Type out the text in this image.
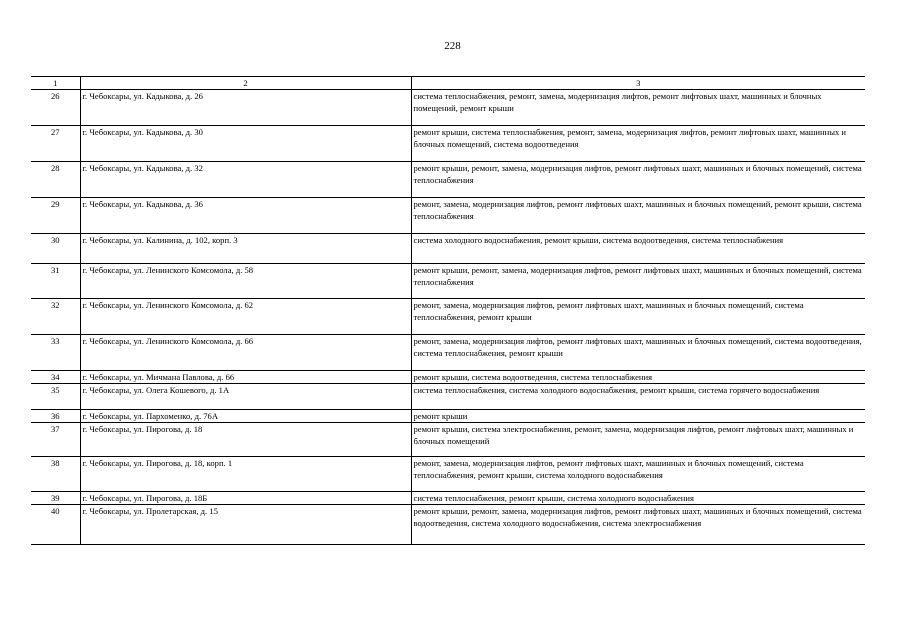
228
1	2	3
26	г. Чебоксары, ул. Кадыкова, д. 26	система теплоснабжения, ремонт, замена, модернизация лифтов, ремонт лифтовых шахт, машинных и блочных помещений, ремонт крыши
27	г. Чебоксары, ул. Кадыкова, д. 30	ремонт крыши, система теплоснабжения, ремонт, замена, модернизация лифтов, ремонт лифтовых шахт, машинных и блочных помещений, система водоотведения
28	г. Чебоксары, ул. Кадыкова, д. 32	ремонт крыши, ремонт, замена, модернизация лифтов, ремонт лифтовых шахт, машинных и блочных помещений, система теплоснабжения
29	г. Чебоксары, ул. Кадыкова, д. 36	ремонт, замена, модернизация лифтов, ремонт лифтовых шахт, машинных и блочных помещений, ремонт крыши, система теплоснабжения
30	г. Чебоксары, ул. Калинина, д. 102, корп. 3	система холодного водоснабжения, ремонт крыши, система водоотведения, система теплоснабжения
31	г. Чебоксары, ул. Ленинского Комсомола, д. 58	ремонт крыши, ремонт, замена, модернизация лифтов, ремонт лифтовых шахт, машинных и блочных помещений, система теплоснабжения
32	г. Чебоксары, ул. Ленинского Комсомола, д. 62	ремонт, замена, модернизация лифтов, ремонт лифтовых шахт, машинных и блочных помещений, система теплоснабжения, ремонт крыши
33	г. Чебоксары, ул. Ленинского Комсомола, д. 66	ремонт, замена, модернизация лифтов, ремонт лифтовых шахт, машинных и блочных помещений, система водоотведения, система теплоснабжения, ремонт крыши
34	г. Чебоксары, ул. Мичмана Павлова, д. 66	ремонт крыши, система водоотведения, система теплоснабжения
35	г. Чебоксары, ул. Олега Кошевого, д. 1А	система теплоснабжения, система холодного водоснабжения, ремонт крыши, система горячего водоснабжения
36	г. Чебоксары, ул. Пархоменко, д. 76А	ремонт крыши
37	г. Чебоксары, ул. Пирогова, д. 18	ремонт крыши, система электроснабжения, ремонт, замена, модернизация лифтов, ремонт лифтовых шахт, машинных и блочных помещений
38	г. Чебоксары, ул. Пирогова, д. 18, корп. 1	ремонт, замена, модернизация лифтов, ремонт лифтовых шахт, машинных и блочных помещений, система теплоснабжения, ремонт крыши, система холодного водоснабжения
39	г. Чебоксары, ул. Пирогова, д. 18Б	система теплоснабжения, ремонт крыши, система холодного водоснабжения
40	г. Чебоксары, ул. Пролетарская, д. 15	ремонт крыши, ремонт, замена, модернизация лифтов, ремонт лифтовых шахт, машинных и блочных помещений, система водоотведения, система холодного водоснабжения, система электроснабжения
